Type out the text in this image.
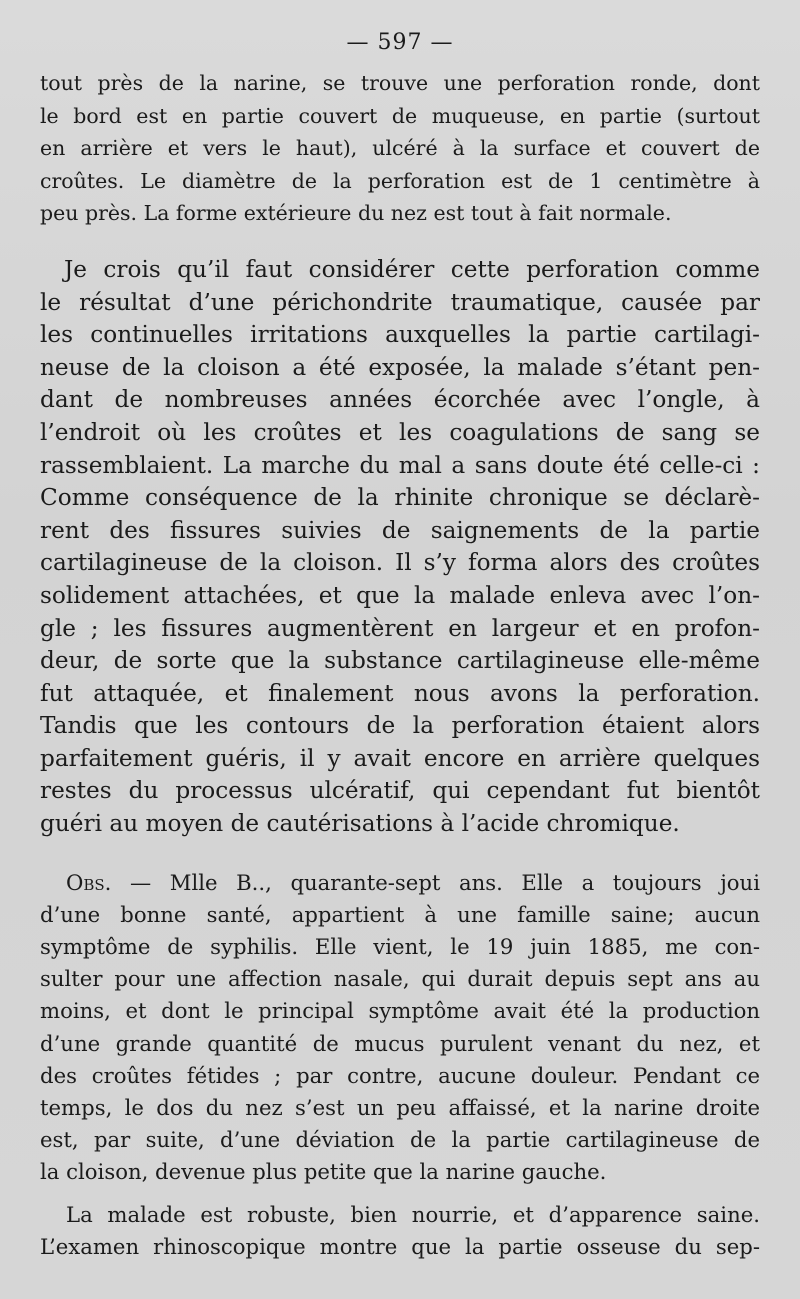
— 597 —
tout près de la narine, se trouve une perforation ronde, dont
le bord est en partie couvert de muqueuse, en partie (surtout
en arrière et vers le haut), ulcéré à la surface et couvert de
croûtes. Le diamètre de la perforation est de 1 centimètre à
peu près. La forme extérieure du nez est tout à fait normale.
Je crois qu’il faut considérer cette perforation comme
le résultat d’une périchondrite traumatique, causée par
les continuelles irritations auxquelles la partie cartilagi-
neuse de la cloison a été exposée, la malade s’étant pen-
dant de nombreuses années écorchée avec l’ongle, à
l’endroit où les croûtes et les coagulations de sang se
rassemblaient. La marche du mal a sans doute été celle-ci :
Comme conséquence de la rhinite chronique se déclarè-
rent des fissures suivies de saignements de la partie
cartilagineuse de la cloison. Il s’y forma alors des croûtes
solidement attachées, et que la malade enleva avec l’on-
gle ; les fissures augmentèrent en largeur et en profon-
deur, de sorte que la substance cartilagineuse elle-même
fut attaquée, et finalement nous avons la perforation.
Tandis que les contours de la perforation étaient alors
parfaitement guéris, il y avait encore en arrière quelques
restes du processus ulcératif, qui cependant fut bientôt
guéri au moyen de cautérisations à l’acide chromique.
Obs. — Mlle B.., quarante-sept ans. Elle a toujours joui
d’une bonne santé, appartient à une famille saine; aucun
symptôme de syphilis. Elle vient, le 19 juin 1885, me con-
sulter pour une affection nasale, qui durait depuis sept ans au
moins, et dont le principal symptôme avait été la production
d’une grande quantité de mucus purulent venant du nez, et
des croûtes fétides ; par contre, aucune douleur. Pendant ce
temps, le dos du nez s’est un peu affaissé, et la narine droite
est, par suite, d’une déviation de la partie cartilagineuse de
la cloison, devenue plus petite que la narine gauche.
La malade est robuste, bien nourrie, et d’apparence saine.
L’examen rhinoscopique montre que la partie osseuse du sep-
